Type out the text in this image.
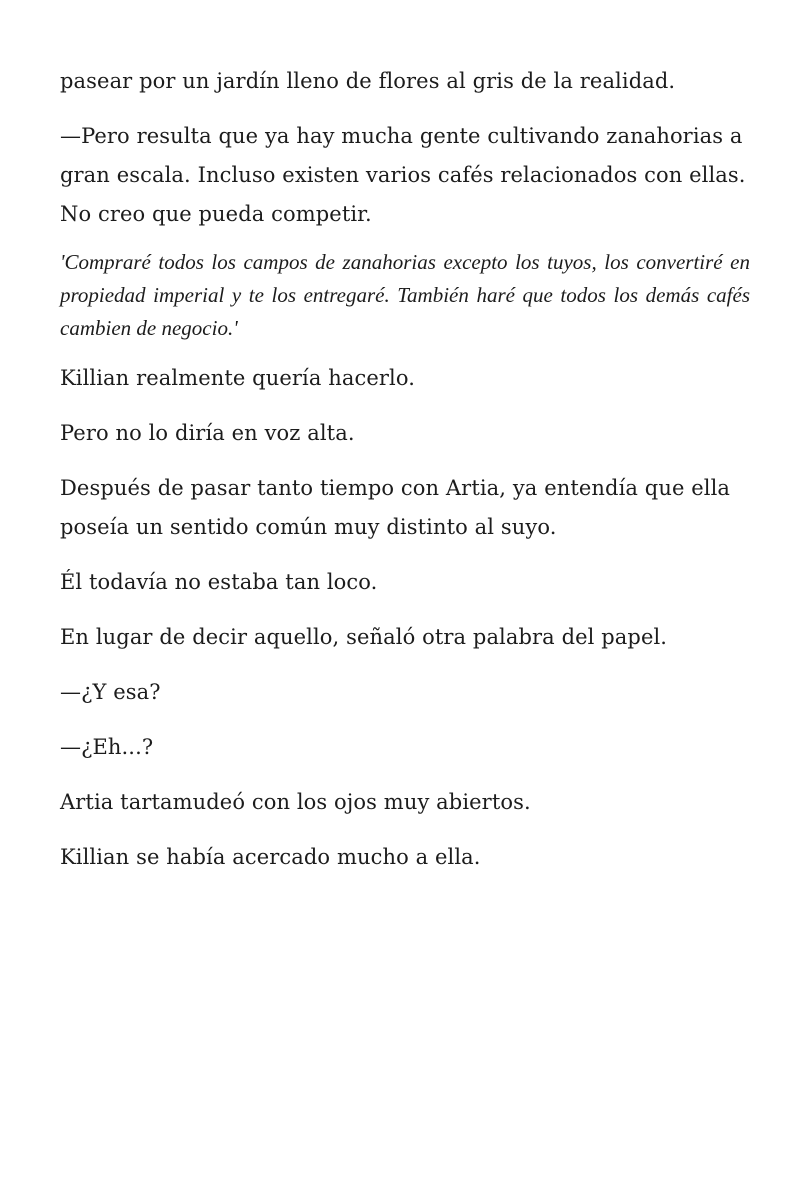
pasear por un jardín lleno de flores al gris de la realidad.

—Pero resulta que ya hay mucha gente cultivando zanahorias a gran escala. Incluso existen varios cafés relacionados con ellas. No creo que pueda competir.

'Compraré todos los campos de zanahorias excepto los tuyos, los convertiré en propiedad imperial y te los entregaré. También haré que todos los demás cafés cambien de negocio.'

Killian realmente quería hacerlo.

Pero no lo diría en voz alta.

Después de pasar tanto tiempo con Artia, ya entendía que ella poseía un sentido común muy distinto al suyo.

Él todavía no estaba tan loco.

En lugar de decir aquello, señaló otra palabra del papel.

—¿Y esa?

—¿Eh...?

Artia tartamudeó con los ojos muy abiertos.

Killian se había acercado mucho a ella.
